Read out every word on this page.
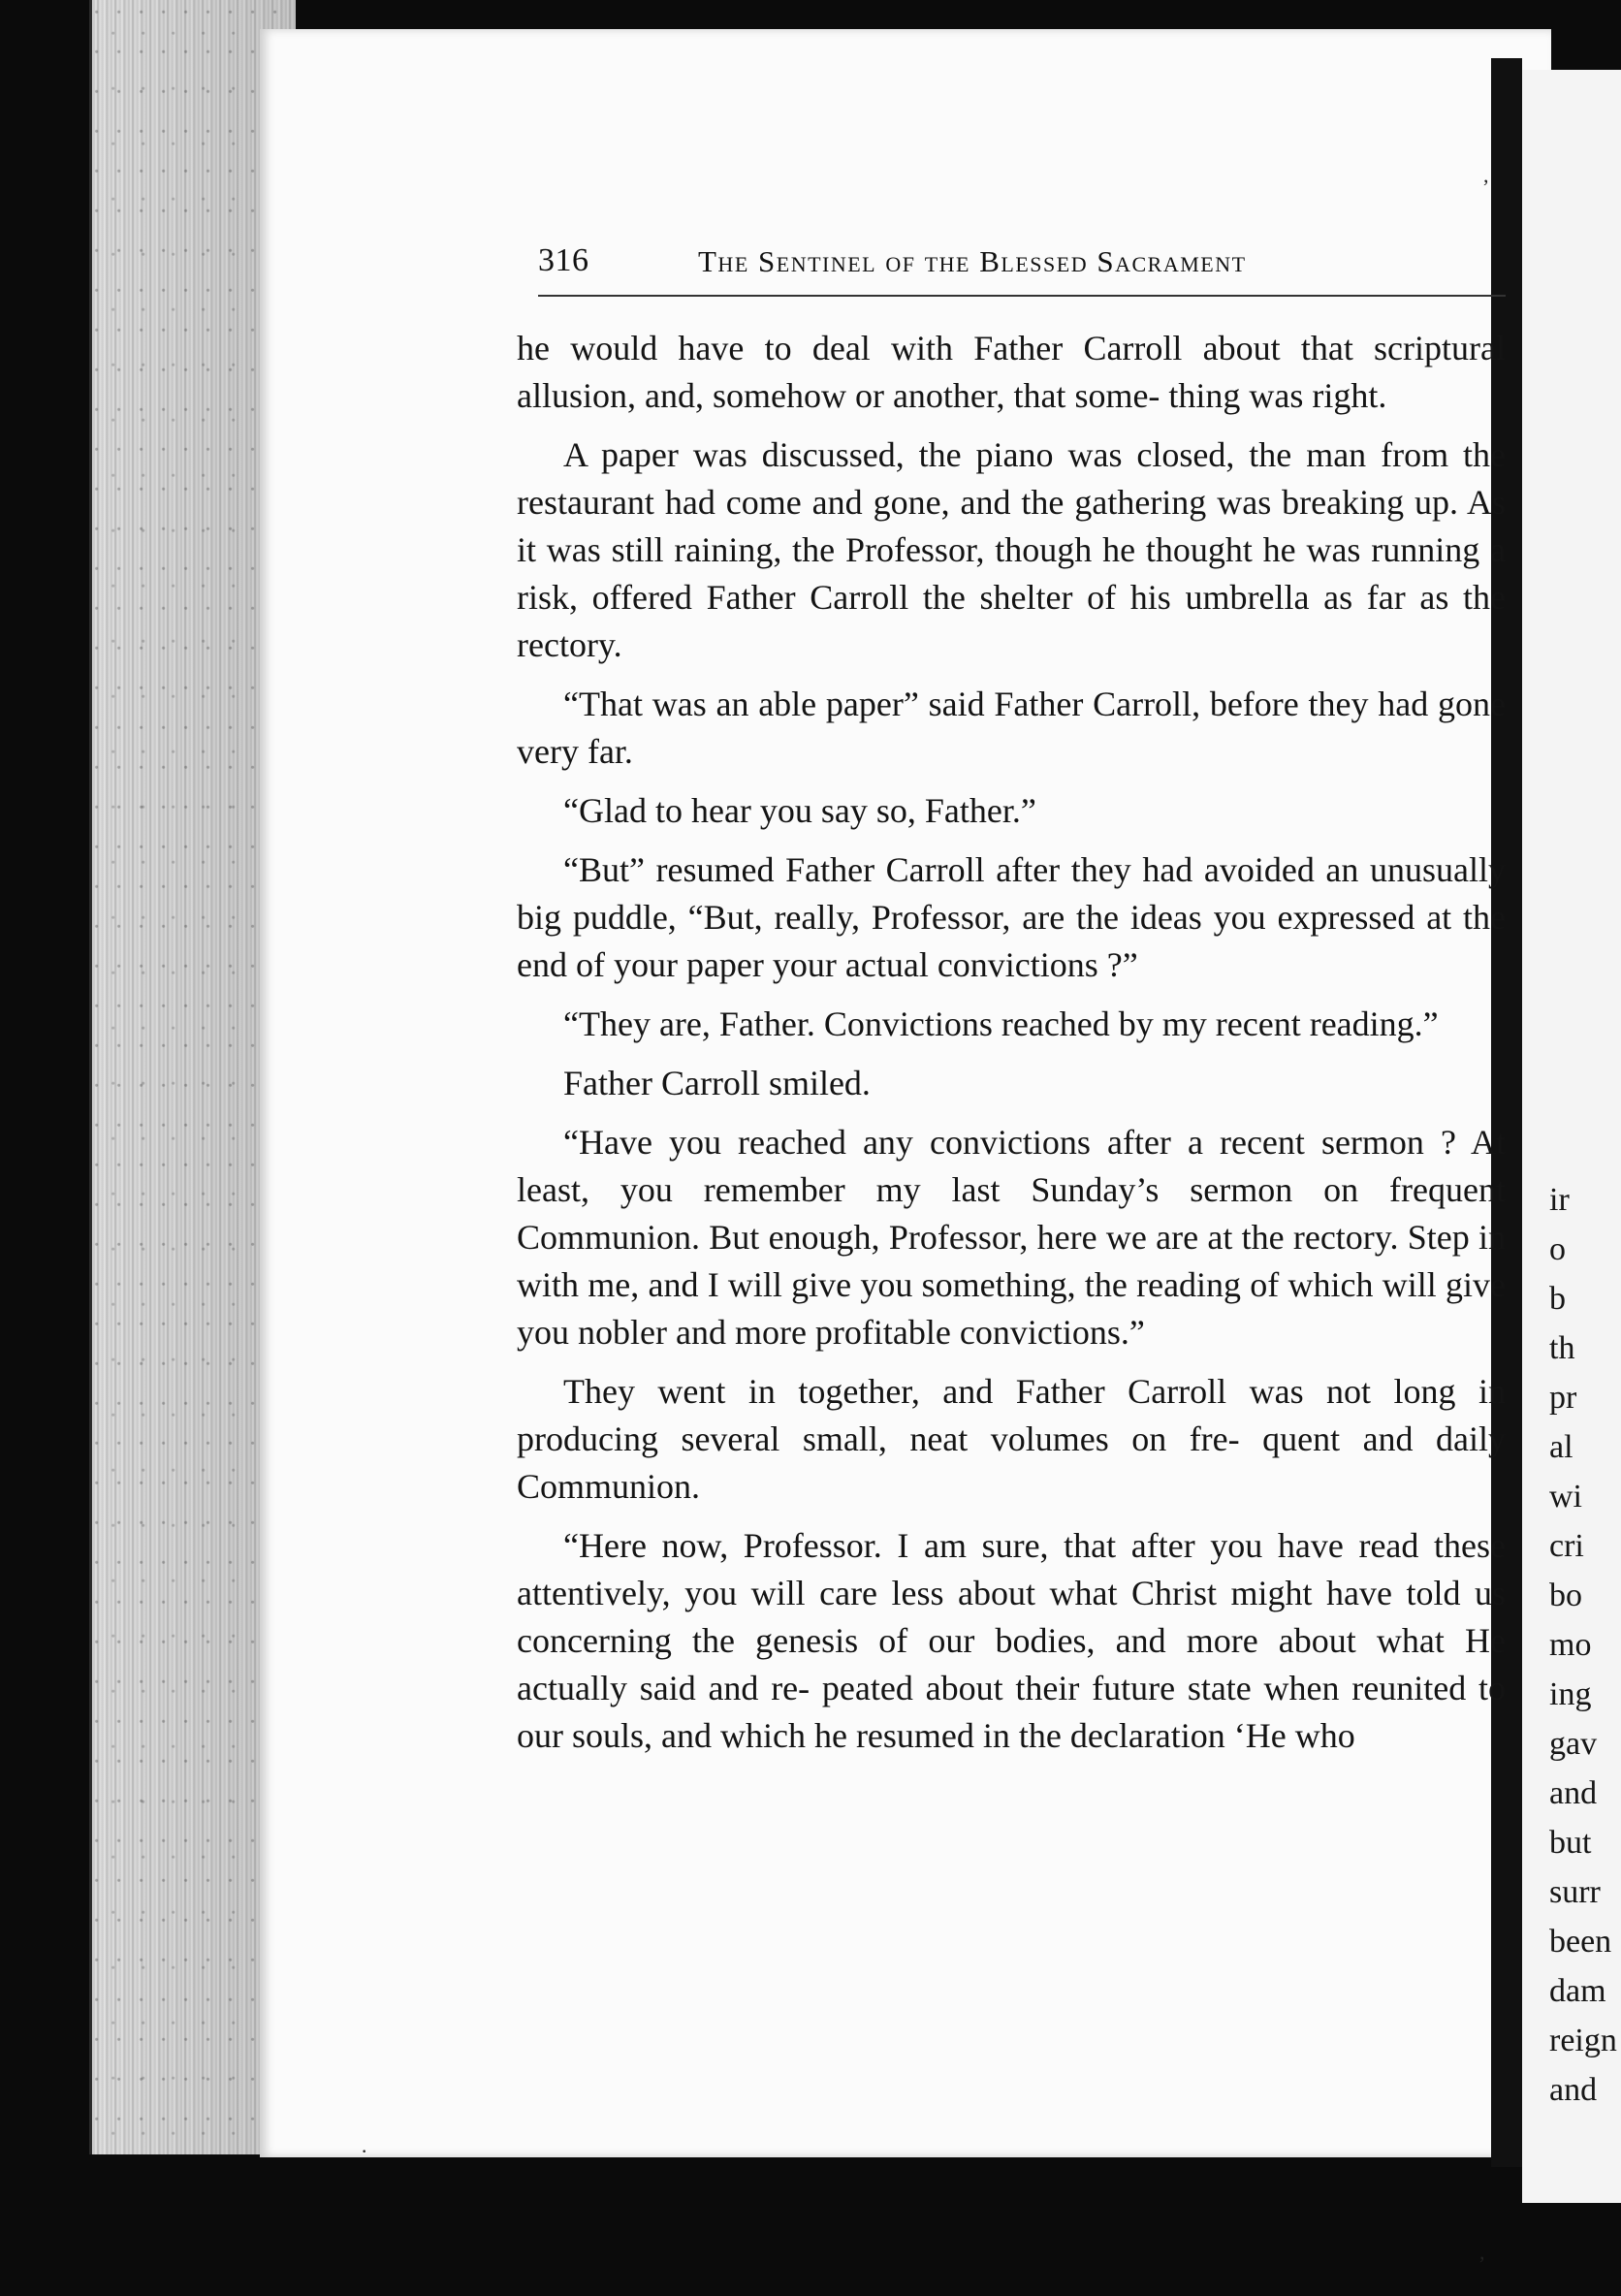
316	The Sentinel of the Blessed Sacrament

he would have to deal with Father Carroll about that scriptural allusion, and, somehow or another, that some- thing was right.

A paper was discussed, the piano was closed, the man from the restaurant had come and gone, and the gathering was breaking up. As it was still raining, the Professor, though he thought he was running a risk, offered Father Carroll the shelter of his umbrella as far as the rectory.

“That was an able paper” said Father Carroll, before they had gone very far.

“Glad to hear you say so, Father.”

“But” resumed Father Carroll after they had avoided an unusually big puddle, “But, really, Professor, are the ideas you expressed at the end of your paper your actual convictions ?”

“They are, Father. Convictions reached by my recent reading.”

Father Carroll smiled.

“Have you reached any convictions after a recent sermon ? At least, you remember my last Sunday’s sermon on frequent Communion. But enough, Professor, here we are at the rectory. Step in with me, and I will give you something, the reading of which will give you nobler and more profitable convictions.”

They went in together, and Father Carroll was not long in producing several small, neat volumes on fre- quent and daily Communion.

“Here now, Professor. I am sure, that after you have read these attentively, you will care less about what Christ might have told us concerning the genesis of our bodies, and more about what He actually said and re- peated about their future state when reunited to our souls, and which he resumed in the declaration ‘He who

ir
o
b
th
pr
al
wi
cri
bo
mo
ing
gav
and
but
surr
been
dam
reign
and
,
,
·
